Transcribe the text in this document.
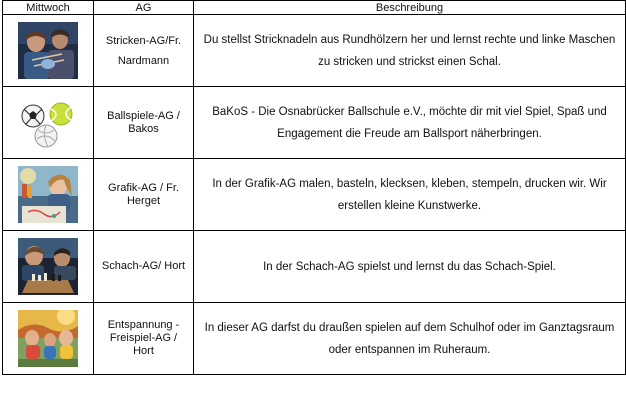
Mittwoch	AG	Beschreibung

	Stricken-AG/Fr. Nardmann	Du stellst Stricknadeln aus Rundhölzern her und lernst rechte und linke Maschen zu stricken und strickst einen Schal.

	Ballspiele-AG / Bakos	BaKoS - Die Osnabrücker Ballschule e.V., möchte dir mit viel Spiel, Spaß und Engagement die Freude am Ballsport näherbringen.

	Grafik-AG / Fr. Herget	In der Grafik-AG malen, basteln, klecksen, kleben, stempeln, drucken wir. Wir erstellen kleine Kunstwerke.

	Schach-AG/ Hort	In der Schach-AG spielst und lernst du das Schach-Spiel.

	Entspannung - Freispiel-AG / Hort	In dieser AG darfst du draußen spielen auf dem Schulhof oder im Ganztagsraum oder entspannen im Ruheraum.
